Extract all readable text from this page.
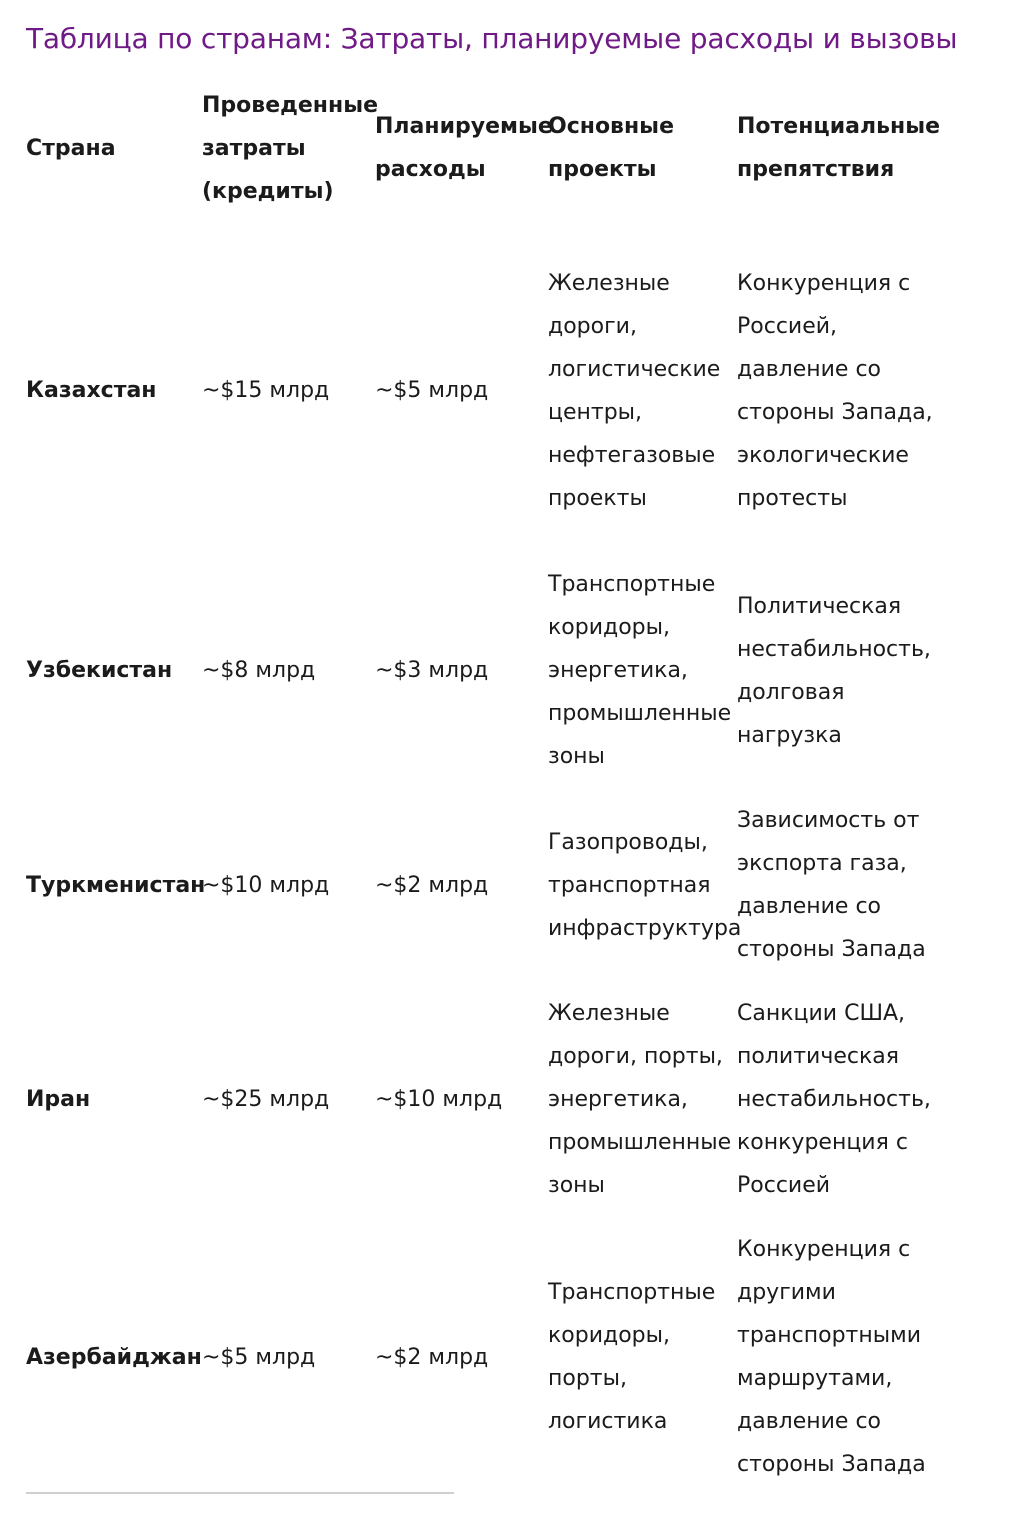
Таблица по странам: Затраты, планируемые расходы и вызовы
Страна	Проведенные затраты (кредиты)	Планируемые расходы	Основные проекты	Потенциальные препятствия

Казахстан	~$15 млрд	~$5 млрд	Железные дороги, логистические центры, нефтегазовые проекты	Конкуренция с Россией, давление со стороны Запада, экологические протесты

Узбекистан	~$8 млрд	~$3 млрд	Транспортные коридоры, энергетика, промышленные зоны	Политическая нестабильность, долговая нагрузка

Туркменистан	~$10 млрд	~$2 млрд	Газопроводы, транспортная инфраструктура	Зависимость от экспорта газа, давление со стороны Запада

Иран	~$25 млрд	~$10 млрд	Железные дороги, порты, энергетика, промышленные зоны	Санкции США, политическая нестабильность, конкуренция с Россией

Азербайджан	~$5 млрд	~$2 млрд	Транспортные коридоры, порты, логистика	Конкуренция с другими транспортными маршрутами, давление со стороны Запада
